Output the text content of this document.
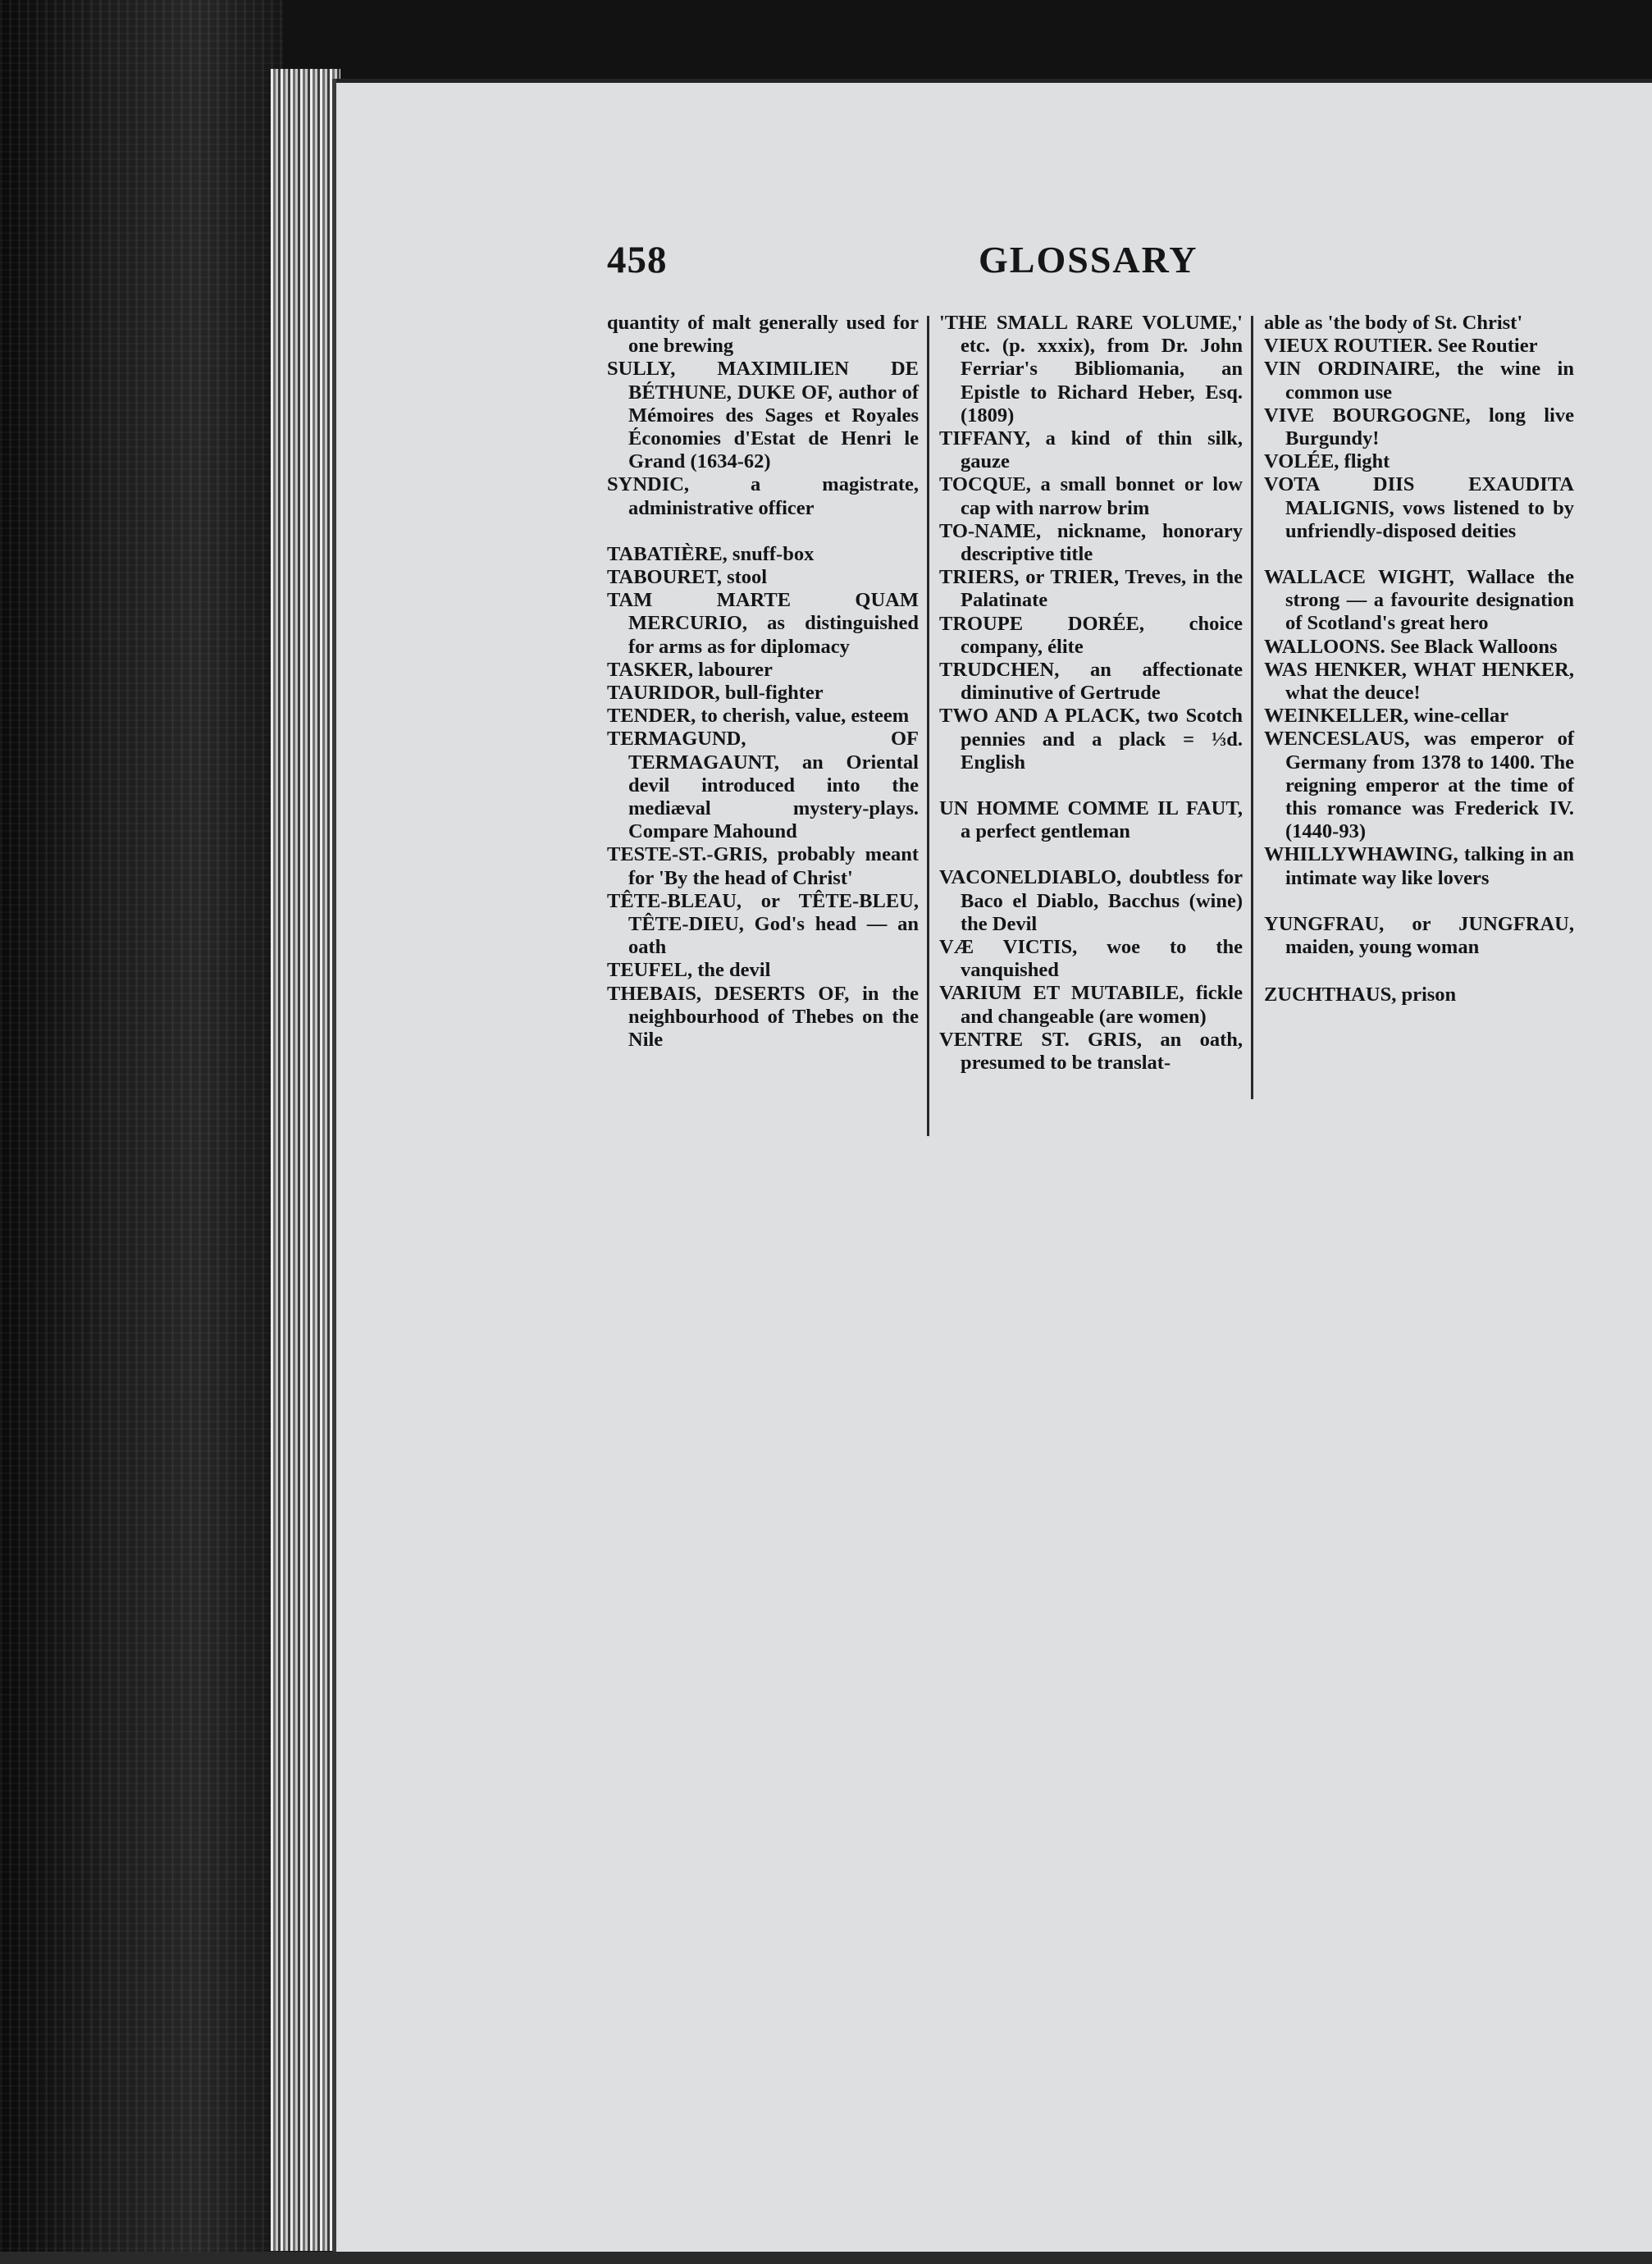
458	GLOSSARY

quantity of malt generally used for one brewing

SULLY, MAXIMILIEN DE BÉTHUNE, DUKE OF, author of Mémoires des Sages et Royales Économies d'Estat de Henri le Grand (1634-62)

SYNDIC, a magistrate, administrative officer

TABATIÈRE, snuff-box

TABOURET, stool

TAM MARTE QUAM MERCURIO, as distinguished for arms as for diplomacy

TASKER, labourer

TAURIDOR, bull-fighter

TENDER, to cherish, value, esteem

TERMAGUND, OF TERMAGAUNT, an Oriental devil introduced into the mediæval mystery-plays. Compare Mahound

TESTE-ST.-GRIS, probably meant for 'By the head of Christ'

TÊTE-BLEAU, or TÊTE-BLEU, TÊTE-DIEU, God's head — an oath

TEUFEL, the devil

THEBAIS, DESERTS OF, in the neighbourhood of Thebes on the Nile

'THE SMALL RARE VOLUME,' etc. (p. xxxix), from Dr. John Ferriar's Bibliomania, an Epistle to Richard Heber, Esq. (1809)

TIFFANY, a kind of thin silk, gauze

TOCQUE, a small bonnet or low cap with narrow brim

TO-NAME, nickname, honorary descriptive title

TRIERS, or TRIER, Treves, in the Palatinate

TROUPE DORÉE, choice company, élite

TRUDCHEN, an affectionate diminutive of Gertrude

TWO AND A PLACK, two Scotch pennies and a plack = ⅓d. English

UN HOMME COMME IL FAUT, a perfect gentleman

VACONELDIABLO, doubtless for Baco el Diablo, Bacchus (wine) the Devil

VÆ VICTIS, woe to the vanquished

VARIUM ET MUTABILE, fickle and changeable (are women)

VENTRE ST. GRIS, an oath, presumed to be translat-

able as 'the body of St. Christ'

VIEUX ROUTIER. See Routier

VIN ORDINAIRE, the wine in common use

VIVE BOURGOGNE, long live Burgundy!

VOLÉE, flight

VOTA DIIS EXAUDITA MALIGNIS, vows listened to by unfriendly-disposed deities

WALLACE WIGHT, Wallace the strong — a favourite designation of Scotland's great hero

WALLOONS. See Black Walloons

WAS HENKER, WHAT HENKER, what the deuce!

WEINKELLER, wine-cellar

WENCESLAUS, was emperor of Germany from 1378 to 1400. The reigning emperor at the time of this romance was Frederick IV. (1440-93)

WHILLYWHAWING, talking in an intimate way like lovers

YUNGFRAU, or JUNGFRAU, maiden, young woman

ZUCHTHAUS, prison
